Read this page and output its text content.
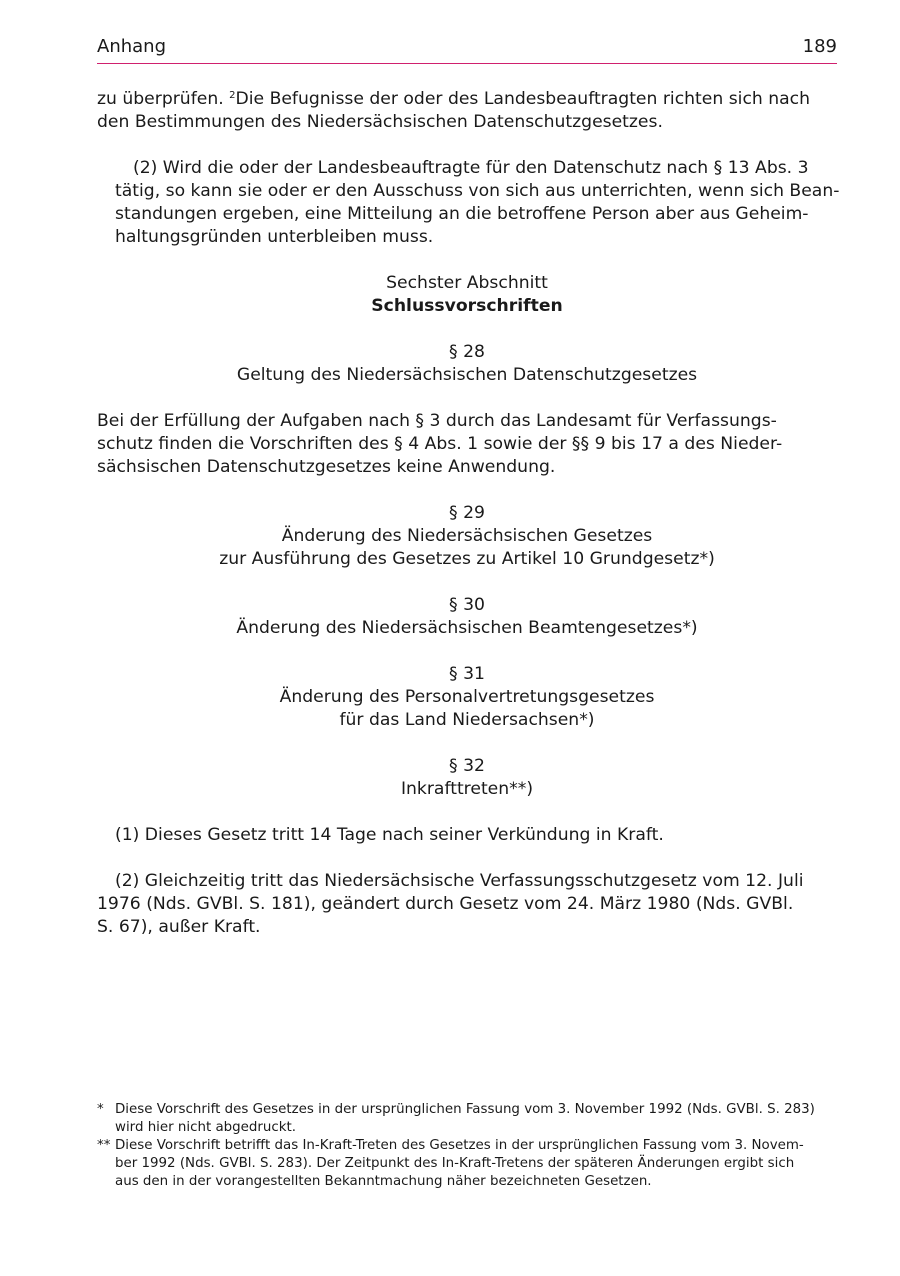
Anhang	189

zu überprüfen. $^2$Die Befugnisse der oder des Landesbeauftragten richten sich nach
den Bestimmungen des Niedersächsischen Datenschutzgesetzes.

(2) Wird die oder der Landesbeauftragte für den Datenschutz nach § 13 Abs. 3
tätig, so kann sie oder er den Ausschuss von sich aus unterrichten, wenn sich Bean-
standungen ergeben, eine Mitteilung an die betroffene Person aber aus Geheim-
haltungsgründen unterbleiben muss.

Sechster Abschnitt
Schlussvorschriften
§ 28
Geltung des Niedersächsischen Datenschutzgesetzes

Bei der Erfüllung der Aufgaben nach § 3 durch das Landesamt für Verfassungs-
schutz finden die Vorschriften des § 4 Abs. 1 sowie der §§ 9 bis 17 a des Nieder-
sächsischen Datenschutzgesetzes keine Anwendung.

§ 29
Änderung des Niedersächsischen Gesetzes
zur Ausführung des Gesetzes zu Artikel 10 Grundgesetz*)
§ 30
Änderung des Niedersächsischen Beamtengesetzes*)
§ 31
Änderung des Personalvertretungsgesetzes
für das Land Niedersachsen*)
§ 32
Inkrafttreten**)

(1) Dieses Gesetz tritt 14 Tage nach seiner Verkündung in Kraft.

(2) Gleichzeitig tritt das Niedersächsische Verfassungsschutzgesetz vom 12. Juli
1976 (Nds. GVBl. S. 181), geändert durch Gesetz vom 24. März 1980 (Nds. GVBl.
S. 67), außer Kraft.

* Diese Vorschrift des Gesetzes in der ursprünglichen Fassung vom 3. November 1992 (Nds. GVBl. S. 283)
wird hier nicht abgedruckt.
** Diese Vorschrift betrifft das In-Kraft-Treten des Gesetzes in der ursprünglichen Fassung vom 3. Novem-
ber 1992 (Nds. GVBl. S. 283). Der Zeitpunkt des In-Kraft-Tretens der späteren Änderungen ergibt sich
aus den in der vorangestellten Bekanntmachung näher bezeichneten Gesetzen.
